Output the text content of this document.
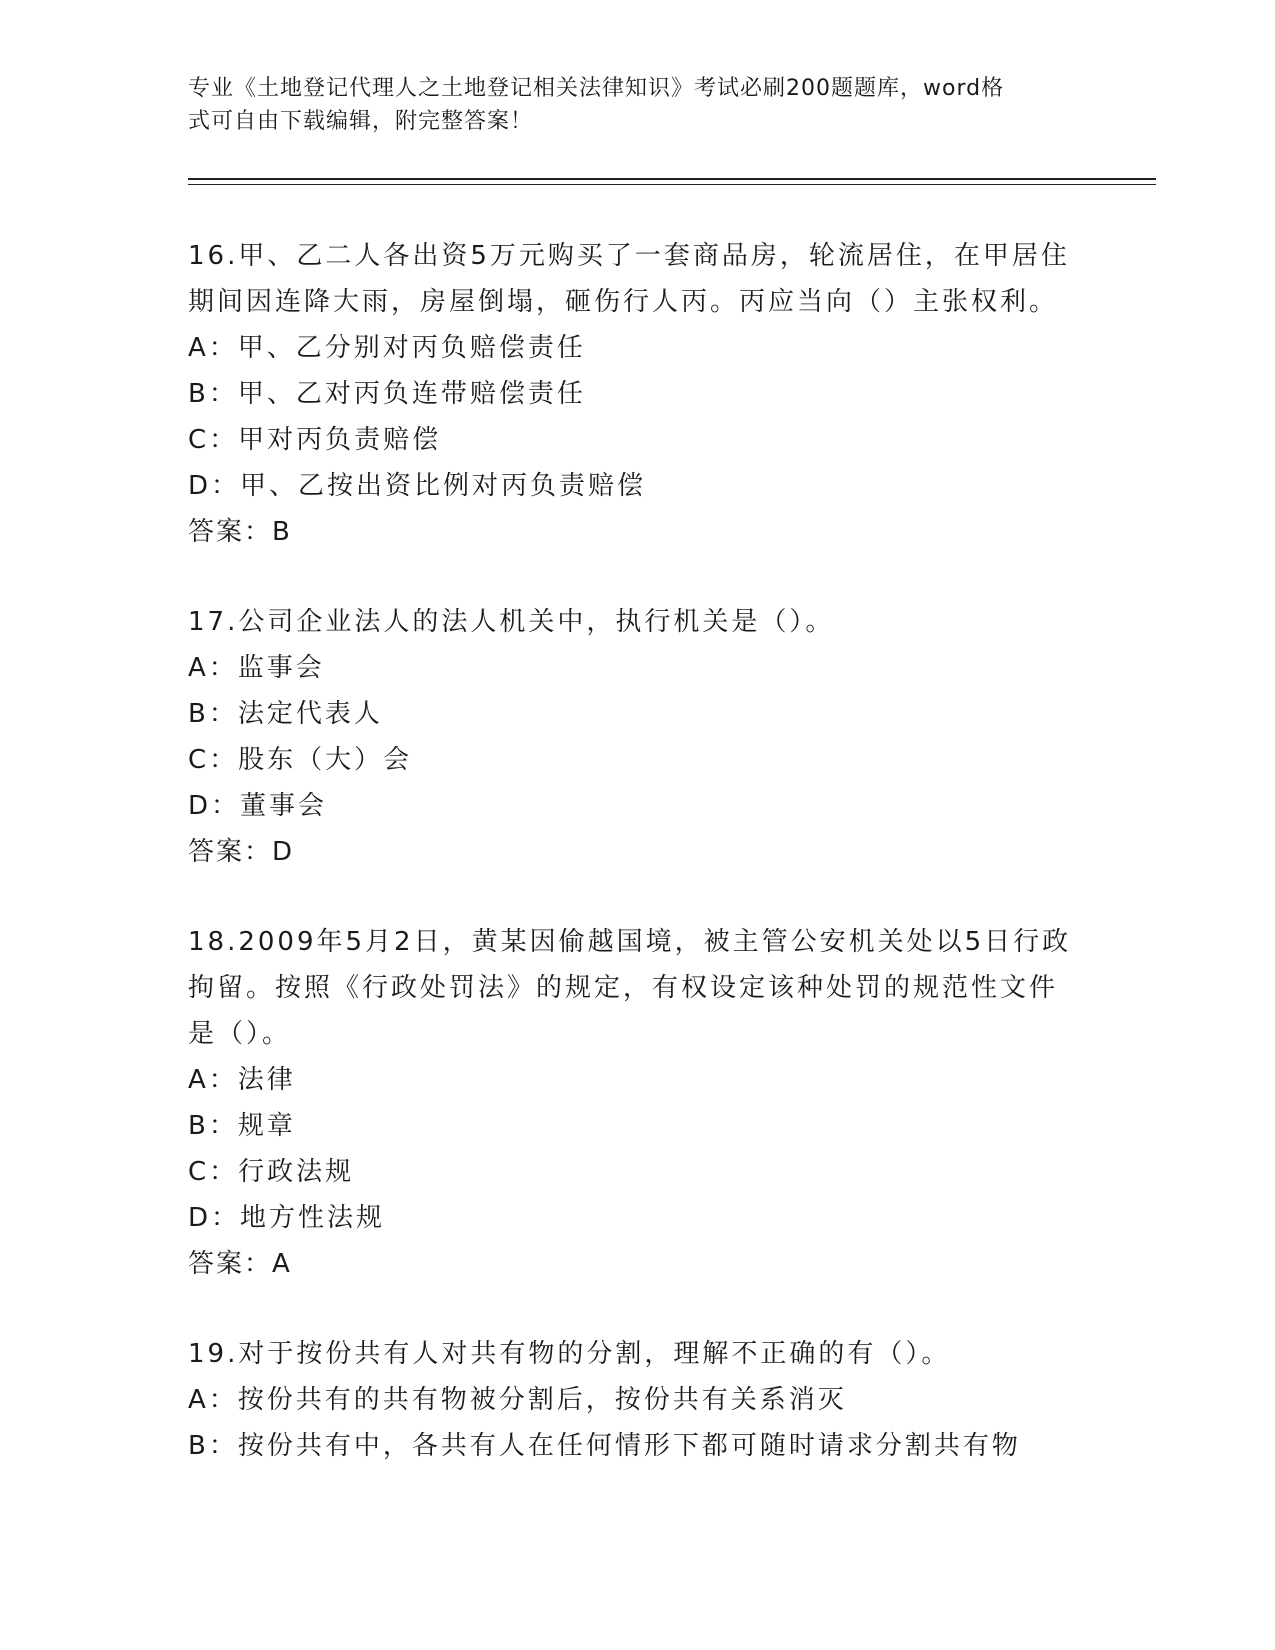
专业《土地登记代理人之土地登记相关法律知识》考试必刷200题题库，word格
式可自由下载编辑，附完整答案！
16.甲、乙二人各出资5万元购买了一套商品房，轮流居住，在甲居住
期间因连降大雨，房屋倒塌，砸伤行人丙。丙应当向（）主张权利。
A：甲、乙分别对丙负赔偿责任
B：甲、乙对丙负连带赔偿责任
C：甲对丙负责赔偿
D：甲、乙按出资比例对丙负责赔偿
答案：B
17.公司企业法人的法人机关中，执行机关是（）。
A：监事会
B：法定代表人
C：股东（大）会
D：董事会
答案：D
18.2009年5月2日，黄某因偷越国境，被主管公安机关处以5日行政
拘留。按照《行政处罚法》的规定，有权设定该种处罚的规范性文件
是（）。
A：法律
B：规章
C：行政法规
D：地方性法规
答案：A
19.对于按份共有人对共有物的分割，理解不正确的有（）。
A：按份共有的共有物被分割后，按份共有关系消灭
B：按份共有中，各共有人在任何情形下都可随时请求分割共有物
